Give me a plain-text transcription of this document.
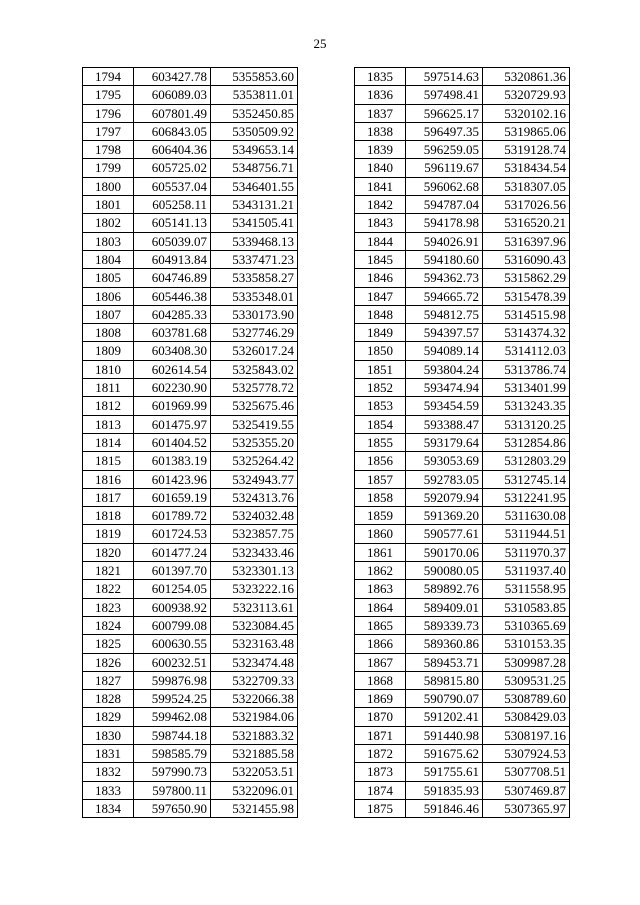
25
1794	603427.78	5355853.60
1795	606089.03	5353811.01
1796	607801.49	5352450.85
1797	606843.05	5350509.92
1798	606404.36	5349653.14
1799	605725.02	5348756.71
1800	605537.04	5346401.55
1801	605258.11	5343131.21
1802	605141.13	5341505.41
1803	605039.07	5339468.13
1804	604913.84	5337471.23
1805	604746.89	5335858.27
1806	605446.38	5335348.01
1807	604285.33	5330173.90
1808	603781.68	5327746.29
1809	603408.30	5326017.24
1810	602614.54	5325843.02
1811	602230.90	5325778.72
1812	601969.99	5325675.46
1813	601475.97	5325419.55
1814	601404.52	5325355.20
1815	601383.19	5325264.42
1816	601423.96	5324943.77
1817	601659.19	5324313.76
1818	601789.72	5324032.48
1819	601724.53	5323857.75
1820	601477.24	5323433.46
1821	601397.70	5323301.13
1822	601254.05	5323222.16
1823	600938.92	5323113.61
1824	600799.08	5323084.45
1825	600630.55	5323163.48
1826	600232.51	5323474.48
1827	599876.98	5322709.33
1828	599524.25	5322066.38
1829	599462.08	5321984.06
1830	598744.18	5321883.32
1831	598585.79	5321885.58
1832	597990.73	5322053.51
1833	597800.11	5322096.01
1834	597650.90	5321455.98
1835	597514.63	5320861.36
1836	597498.41	5320729.93
1837	596625.17	5320102.16
1838	596497.35	5319865.06
1839	596259.05	5319128.74
1840	596119.67	5318434.54
1841	596062.68	5318307.05
1842	594787.04	5317026.56
1843	594178.98	5316520.21
1844	594026.91	5316397.96
1845	594180.60	5316090.43
1846	594362.73	5315862.29
1847	594665.72	5315478.39
1848	594812.75	5314515.98
1849	594397.57	5314374.32
1850	594089.14	5314112.03
1851	593804.24	5313786.74
1852	593474.94	5313401.99
1853	593454.59	5313243.35
1854	593388.47	5313120.25
1855	593179.64	5312854.86
1856	593053.69	5312803.29
1857	592783.05	5312745.14
1858	592079.94	5312241.95
1859	591369.20	5311630.08
1860	590577.61	5311944.51
1861	590170.06	5311970.37
1862	590080.05	5311937.40
1863	589892.76	5311558.95
1864	589409.01	5310583.85
1865	589339.73	5310365.69
1866	589360.86	5310153.35
1867	589453.71	5309987.28
1868	589815.80	5309531.25
1869	590790.07	5308789.60
1870	591202.41	5308429.03
1871	591440.98	5308197.16
1872	591675.62	5307924.53
1873	591755.61	5307708.51
1874	591835.93	5307469.87
1875	591846.46	5307365.97
